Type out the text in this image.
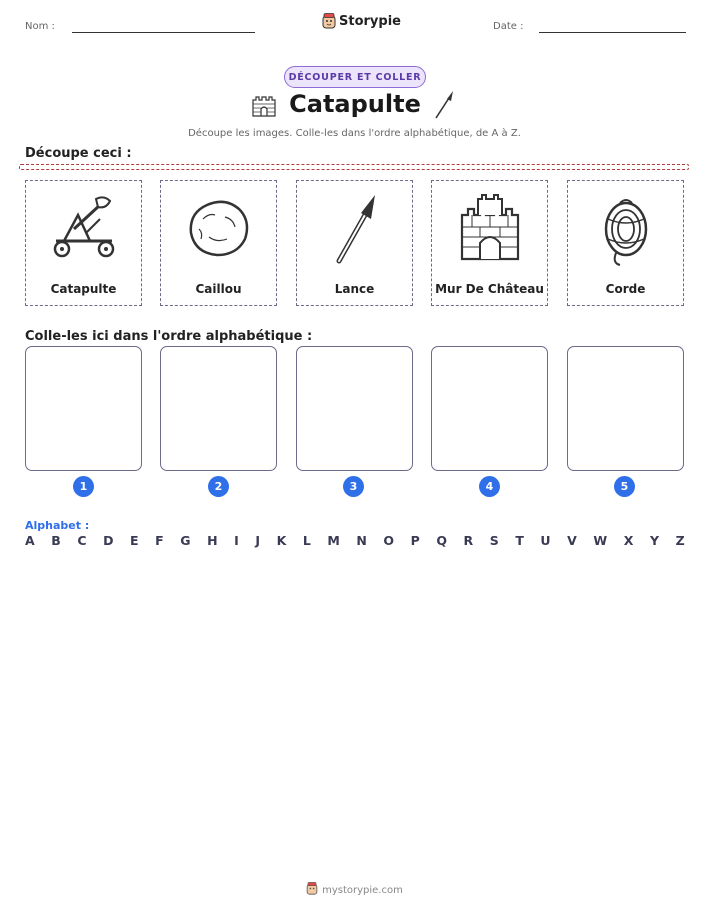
Nom :	Storypie	Date :
DÉCOUPER ET COLLER
Catapulte
Découpe les images. Colle-les dans l'ordre alphabétique, de A à Z.
Découpe ceci :
Catapulte	Caillou	Lance	Mur De Château	Corde
Colle-les ici dans l'ordre alphabétique :
1	2	3	4	5
Alphabet :
A B C D E F G H I J K L M N O P Q R S T U V W X Y Z
mystorypie.com
